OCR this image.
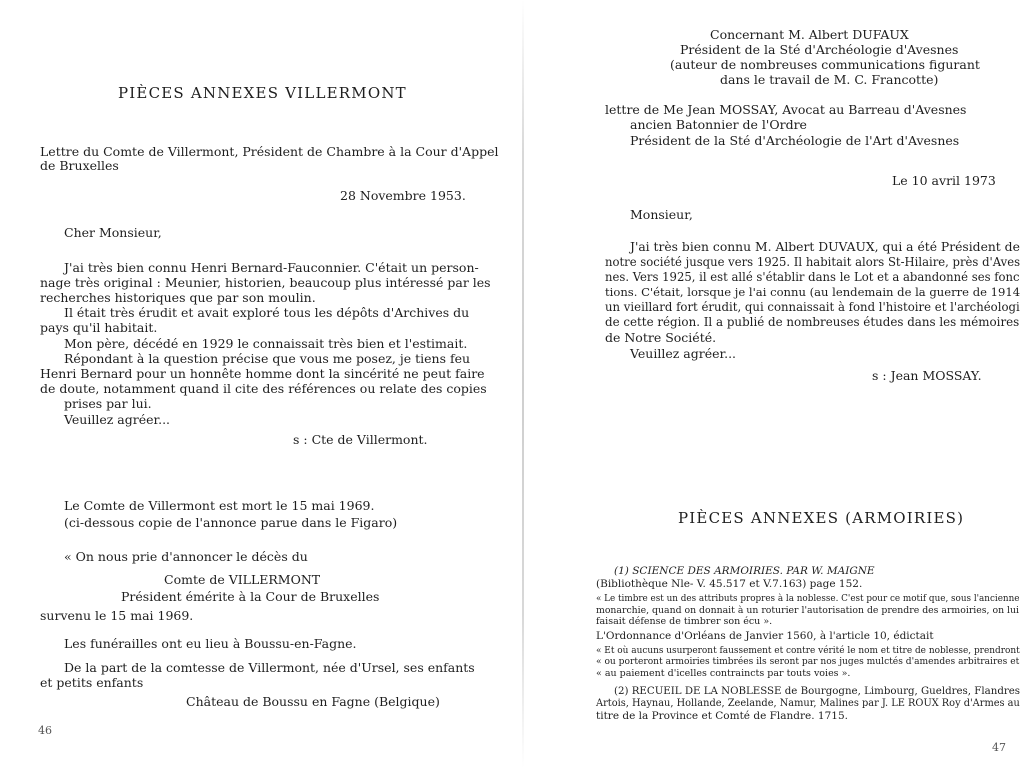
PIÈCES ANNEXES VILLERMONT
Lettre du Comte de Villermont, Président de Chambre à la Cour d'Appel
de Bruxelles
28 Novembre 1953.
Cher Monsieur,
J'ai très bien connu Henri Bernard-Fauconnier. C'était un person-
nage très original : Meunier, historien, beaucoup plus intéressé par les
recherches historiques que par son moulin.
Il était très érudit et avait exploré tous les dépôts d'Archives du
pays qu'il habitait.
Mon père, décédé en 1929 le connaissait très bien et l'estimait.
Répondant à la question précise que vous me posez, je tiens feu
Henri Bernard pour un honnête homme dont la sincérité ne peut faire
de doute, notamment quand il cite des références ou relate des copies
prises par lui.
Veuillez agréer...
s : Cte de Villermont.
Le Comte de Villermont est mort le 15 mai 1969.
(ci-dessous copie de l'annonce parue dans le Figaro)
« On nous prie d'annoncer le décès du
Comte de VILLERMONT
Président émérite à la Cour de Bruxelles
survenu le 15 mai 1969.
Les funérailles ont eu lieu à Boussu-en-Fagne.
De la part de la comtesse de Villermont, née d'Ursel, ses enfants
et petits enfants
Château de Boussu en Fagne (Belgique)
46
Concernant M. Albert DUFAUX
Président de la Sté d'Archéologie d'Avesnes
(auteur de nombreuses communications figurant
dans le travail de M. C. Francotte)
lettre de Me Jean MOSSAY, Avocat au Barreau d'Avesnes
ancien Batonnier de l'Ordre
Président de la Sté d'Archéologie de l'Art d'Avesnes
Le 10 avril 1973
Monsieur,
J'ai très bien connu M. Albert DUVAUX, qui a été Président de
notre société jusque vers 1925. Il habitait alors St-Hilaire, près d'Aves
nes. Vers 1925, il est allé s'établir dans le Lot et a abandonné ses fonc
tions. C'était, lorsque je l'ai connu (au lendemain de la guerre de 1914
un vieillard fort érudit, qui connaissait à fond l'histoire et l'archéologi
de cette région. Il a publié de nombreuses études dans les mémoires
de Notre Société.
Veuillez agréer...
s : Jean MOSSAY.
PIÈCES ANNEXES (ARMOIRIES)
(1) SCIENCE DES ARMOIRIES. PAR W. MAIGNE
(Bibliothèque Nle- V. 45.517 et V.7.163) page 152.
« Le timbre est un des attributs propres à la noblesse. C'est pour ce motif que, sous l'ancienne
monarchie, quand on donnait à un roturier l'autorisation de prendre des armoiries, on lui
faisait défense de timbrer son écu ».
L'Ordonnance d'Orléans de Janvier 1560, à l'article 10, édictait
« Et où aucuns usurperont faussement et contre vérité le nom et titre de noblesse, prendront
« ou porteront armoiries timbrées ils seront par nos juges mulctés d'amendes arbitraires et
« au paiement d'icelles contraincts par touts voies ».
(2) RECUEIL DE LA NOBLESSE de Bourgogne, Limbourg, Gueldres, Flandres
Artois, Haynau, Hollande, Zeelande, Namur, Malines par J. LE ROUX Roy d'Armes au
titre de la Province et Comté de Flandre. 1715.
47
